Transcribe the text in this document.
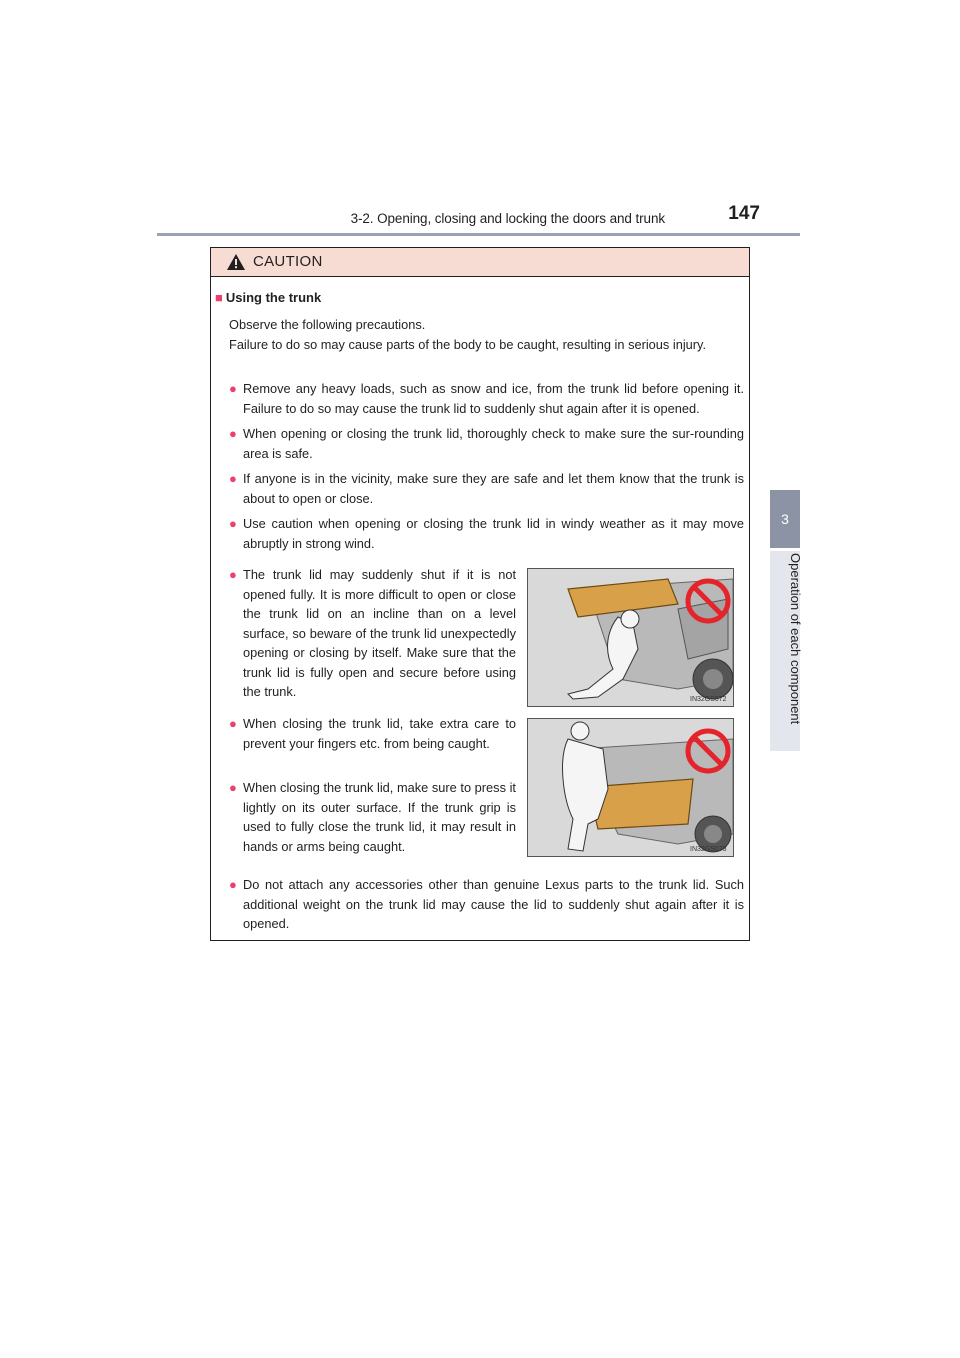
3-2. Opening, closing and locking the doors and trunk	147
3
Operation of each component
CAUTION
■ Using the trunk
Observe the following precautions.
Failure to do so may cause parts of the body to be caught, resulting in serious injury.
● Remove any heavy loads, such as snow and ice, from the trunk lid before opening it. Failure to do so may cause the trunk lid to suddenly shut again after it is opened.
● When opening or closing the trunk lid, thoroughly check to make sure the sur-rounding area is safe.
● If anyone is in the vicinity, make sure they are safe and let them know that the trunk is about to open or close.
● Use caution when opening or closing the trunk lid in windy weather as it may move abruptly in strong wind.
● The trunk lid may suddenly shut if it is not opened fully. It is more difficult to open or close the trunk lid on an incline than on a level surface, so beware of the trunk lid unexpectedly opening or closing by itself. Make sure that the trunk lid is fully open and secure before using the trunk.
● When closing the trunk lid, take extra care to prevent your fingers etc. from being caught.
● When closing the trunk lid, make sure to press it lightly on its outer surface. If the trunk grip is used to fully close the trunk lid, it may result in hands or arms being caught.
● Do not attach any accessories other than genuine Lexus parts to the trunk lid. Such additional weight on the trunk lid may cause the lid to suddenly shut again after it is opened.
IN32GS072
IN32GS073
